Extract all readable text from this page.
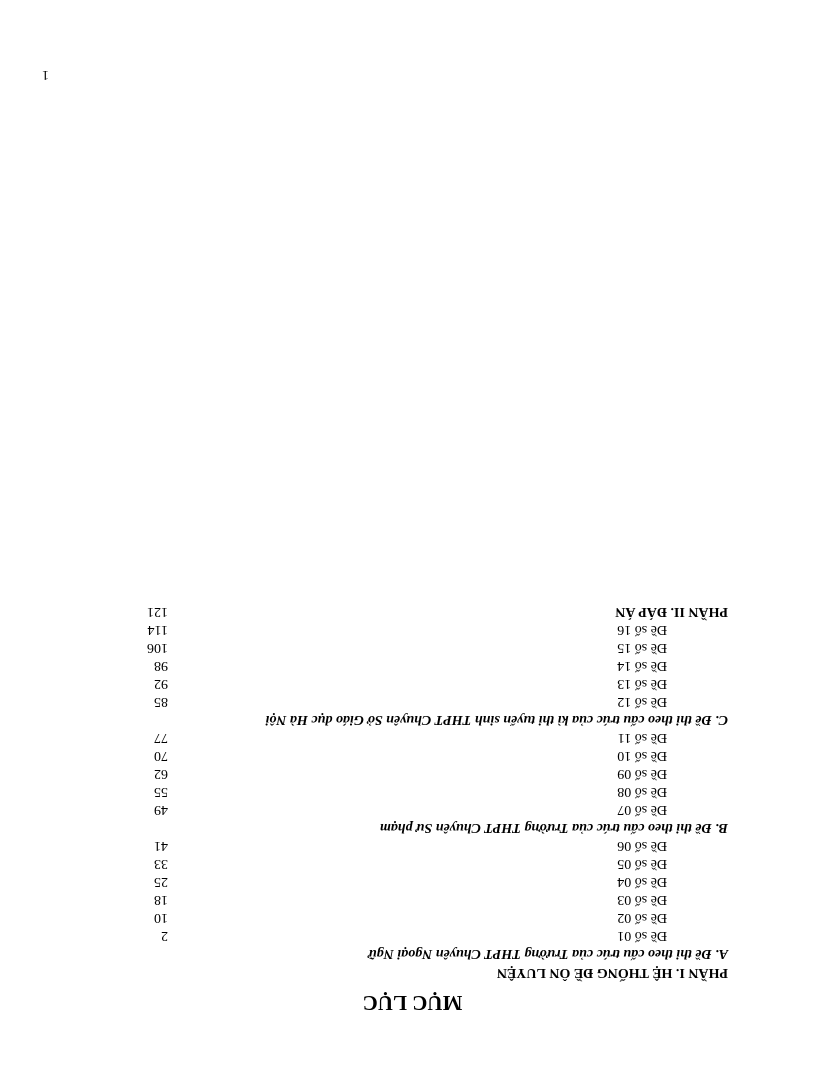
MỤC LỤC
PHẦN I. HỆ THỐNG ĐỀ ÔN LUYỆN
A. Đề thi theo cấu trúc của Trường THPT Chuyên Ngoại Ngữ
Đề số 01
2
Đề số 02
10
Đề số 03
18
Đề số 04
25
Đề số 05
33
Đề số 06
41
B. Đề thi theo cấu trúc của Trường THPT Chuyên Sư phạm
Đề số 07
49
Đề số 08
55
Đề số 09
62
Đề số 10
70
Đề số 11
77
C. Đề thi theo cấu trúc của kì thi tuyển sinh THPT Chuyên Sở Giáo dục Hà Nội
Đề số 12
85
Đề số 13
92
Đề số 14
98
Đề số 15
106
Đề số 16
114
PHẦN II. ĐÁP ÁN
121
1
